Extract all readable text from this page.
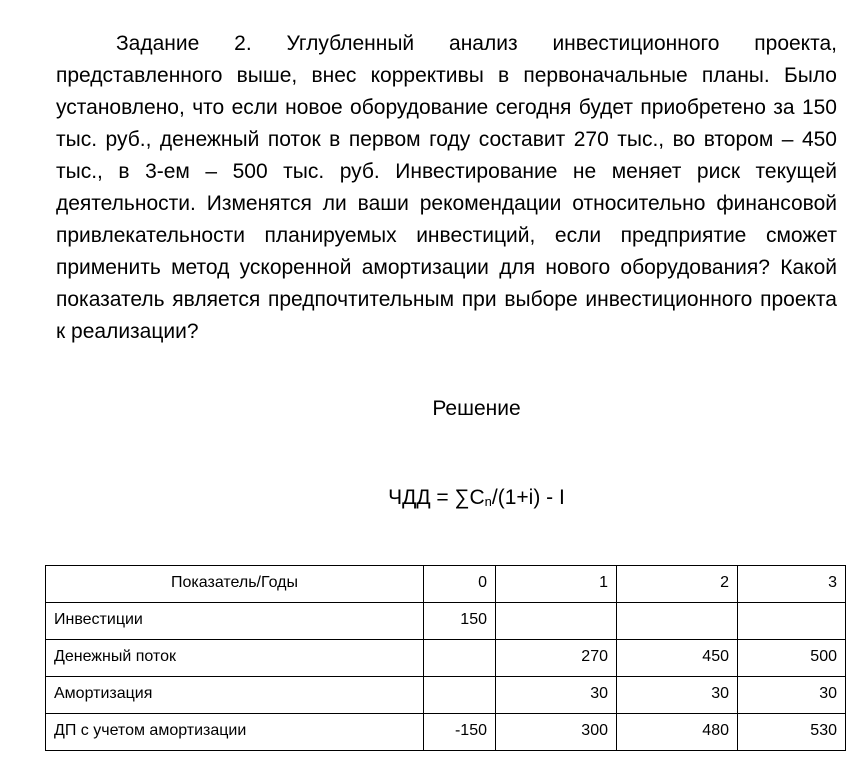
Задание 2. Углубленный анализ инвестиционного проекта, представленного выше, внес коррективы в первоначальные планы. Было установлено, что если новое оборудование сегодня будет приобретено за 150 тыс. руб., денежный поток в первом году составит 270 тыс., во втором – 450 тыс., в 3-ем – 500 тыс. руб. Инвестирование не меняет риск текущей деятельности. Изменятся ли ваши рекомендации относительно финансовой привлекательности планируемых инвестиций, если предприятие сможет применить метод ускоренной амортизации для нового оборудования? Какой показатель является предпочтительным при выборе инвестиционного проекта к реализации?

Решение

ЧДД = $\sum C_n/(1+i) - I$

Показатель/Годы	0	1	2	3
Инвестиции	150			
Денежный поток		270	450	500
Амортизация		30	30	30
ДП с учетом амортизации	-150	300	480	530
